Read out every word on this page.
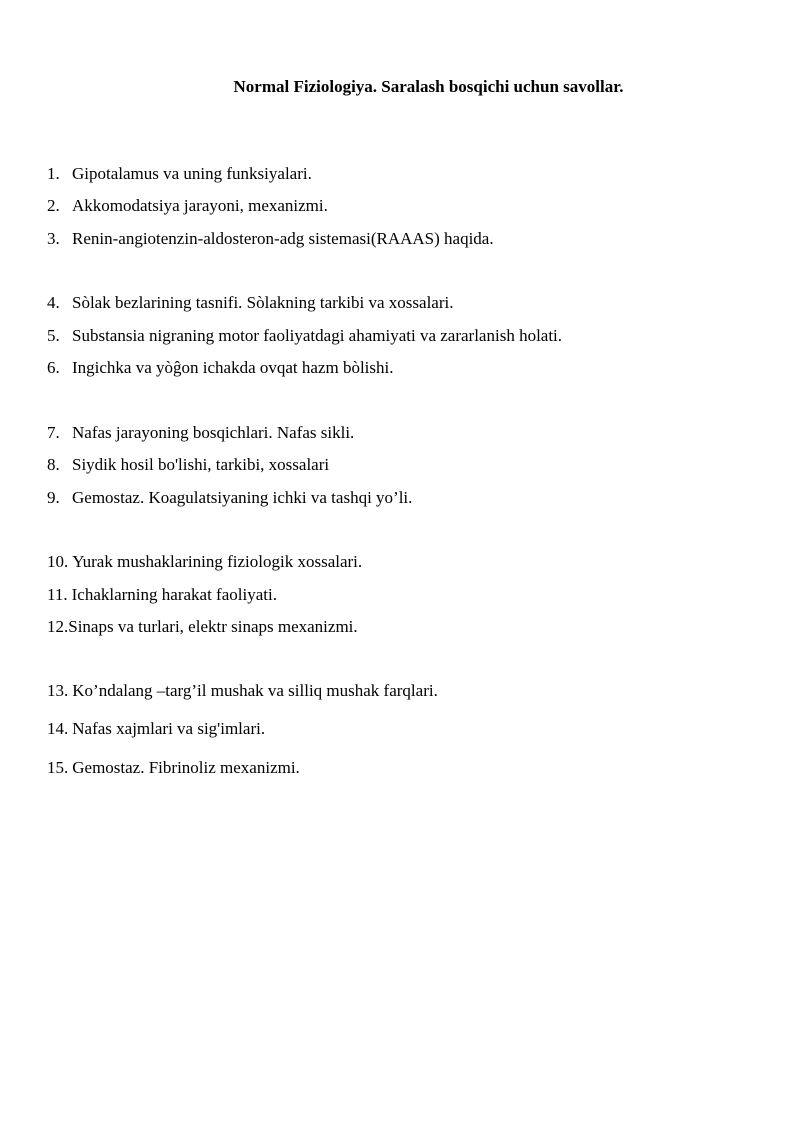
Normal Fiziologiya. Saralash bosqichi uchun savollar.
1. Gipotalamus va uning funksiyalari.
2. Akkomodatsiya jarayoni, mexanizmi.
3. Renin-angiotenzin-aldosteron-adg sistemasi(RAAAS) haqida.
4. Sòlak bezlarining tasnifi. Sòlakning tarkibi va xossalari.
5. Substansia nigraning motor faoliyatdagi ahamiyati va zararlanish holati.
6. Ingichka va yòĝon ichakda ovqat hazm bòlishi.
7. Nafas jarayoning bosqichlari. Nafas sikli.
8. Siydik hosil bo'lishi, tarkibi, xossalari
9. Gemostaz. Koagulatsiyaning ichki va tashqi yo’li.
10. Yurak mushaklarining fiziologik xossalari.
11. Ichaklarning harakat faoliyati.
12.Sinaps va turlari, elektr sinaps mexanizmi.
13. Ko’ndalang –targ’il mushak va silliq mushak farqlari.
14. Nafas xajmlari va sig'imlari.
15. Gemostaz. Fibrinoliz mexanizmi.
